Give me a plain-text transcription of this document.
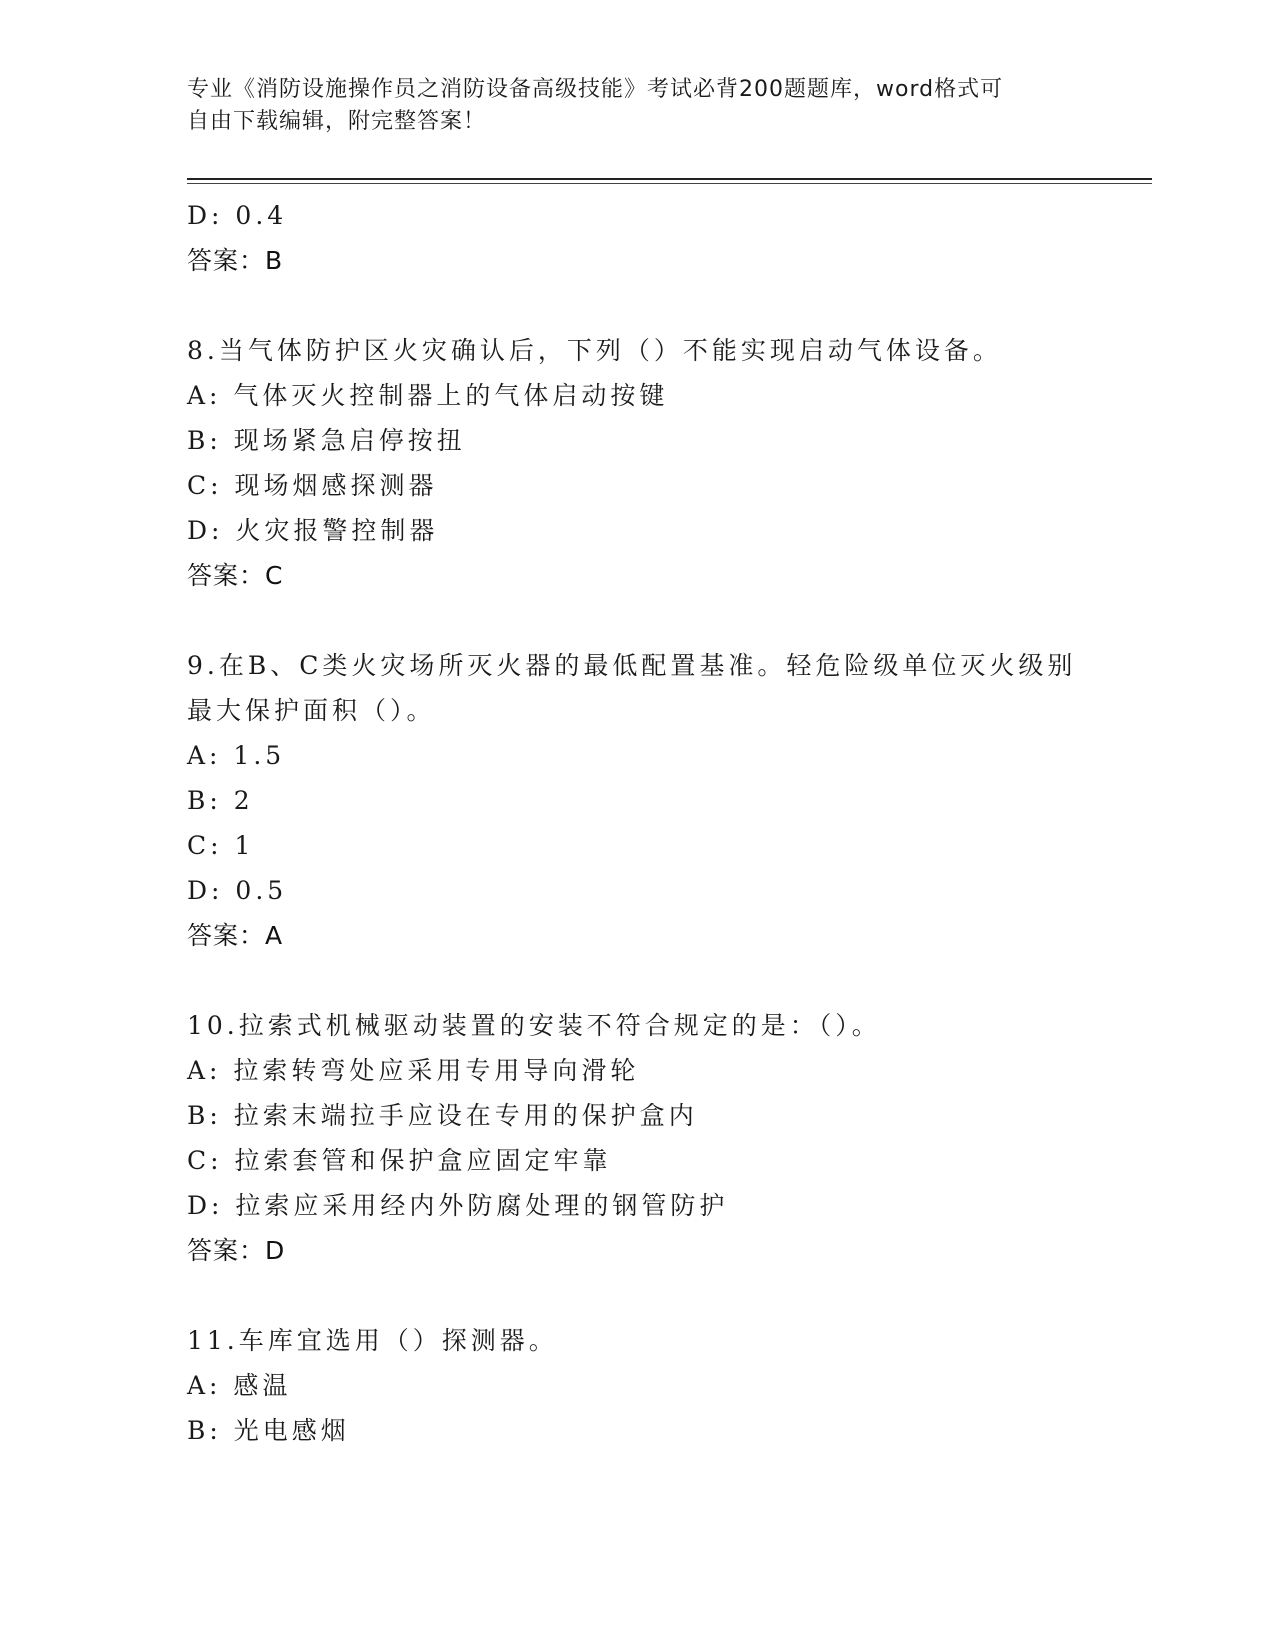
专业《消防设施操作员之消防设备高级技能》考试必背200题题库，word格式可
自由下载编辑，附完整答案！
D: 0.4
答案：B
8.当气体防护区火灾确认后，下列（）不能实现启动气体设备。
A: 气体灭火控制器上的气体启动按键
B: 现场紧急启停按扭
C: 现场烟感探测器
D: 火灾报警控制器
答案：C
9.在B、C类火灾场所灭火器的最低配置基准。轻危险级单位灭火级别
最大保护面积（）。
A: 1.5
B: 2
C: 1
D: 0.5
答案：A
10.拉索式机械驱动装置的安装不符合规定的是：（）。
A: 拉索转弯处应采用专用导向滑轮
B: 拉索末端拉手应设在专用的保护盒内
C: 拉索套管和保护盒应固定牢靠
D: 拉索应采用经内外防腐处理的钢管防护
答案：D
11.车库宜选用（）探测器。
A: 感温
B: 光电感烟
